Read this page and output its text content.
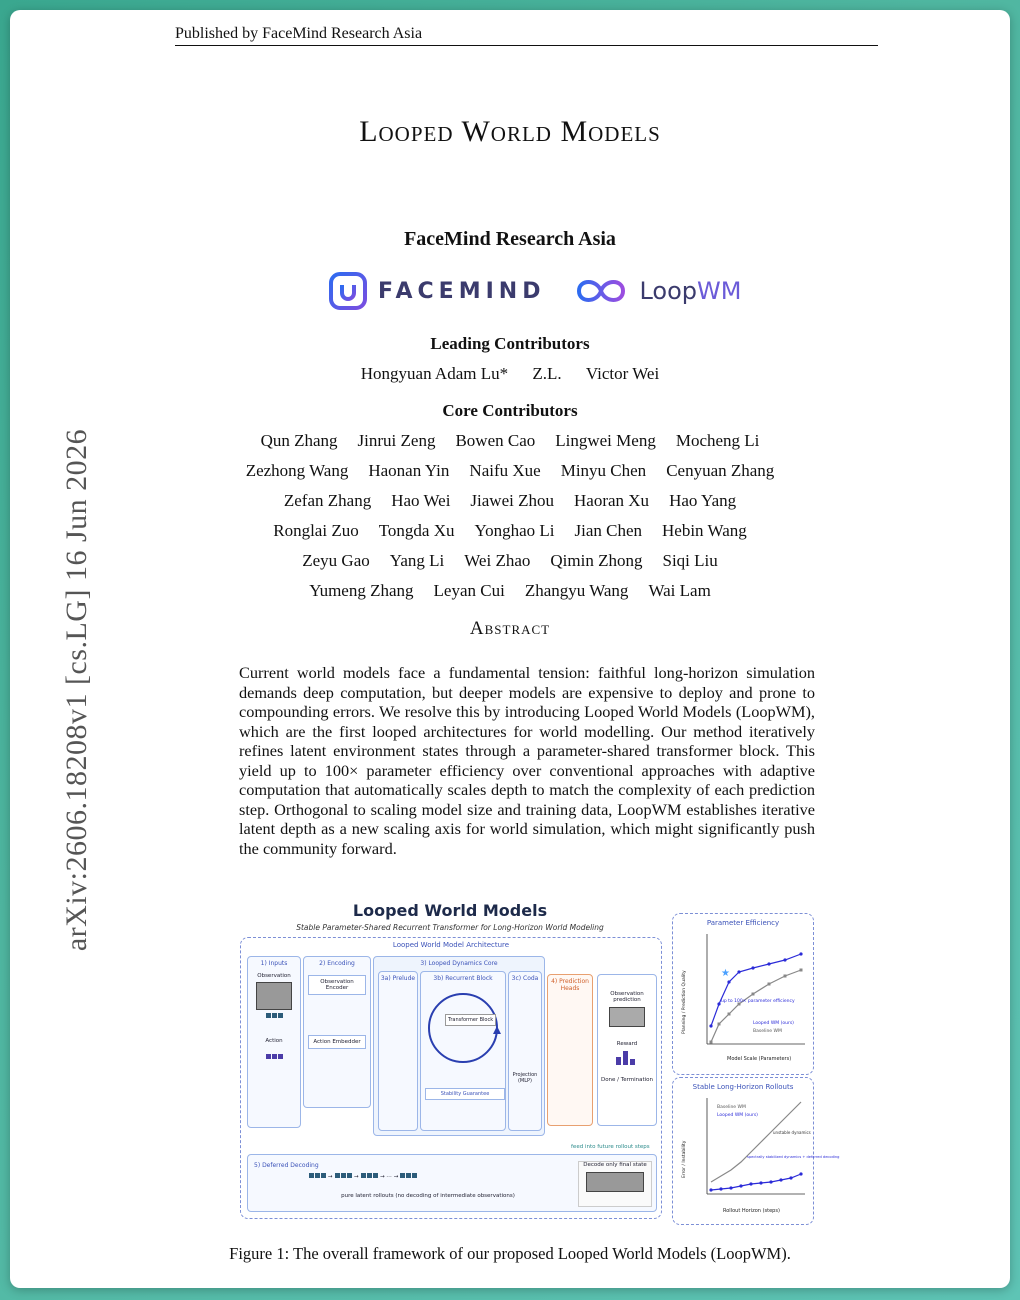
Published by FaceMind Research Asia
arXiv:2606.18208v1 [cs.LG] 16 Jun 2026
Looped World Models
FaceMind Research Asia
FACEMIND	LoopWM
Leading Contributors
Hongyuan Adam Lu* Z.L. Victor Wei
Core Contributors
Abstract
Current world models face a fundamental tension: faithful long-horizon simulation demands deep computation, but deeper models are expensive to deploy and prone to compounding errors. We resolve this by introducing Looped World Models (LoopWM), which are the first looped architectures for world modelling. Our method iteratively refines latent environment states through a parameter-shared transformer block. This yield up to 100× parameter efficiency over conventional approaches with adaptive computation that automatically scales depth to match the complexity of each prediction step. Orthogonal to scaling model size and training data, LoopWM establishes iterative latent depth as a new scaling axis for world simulation, which might significantly push the community forward.
Looped World Models
Stable Parameter-Shared Recurrent Transformer for Long-Horizon World Modeling
Looped World Model Architecture
1) Inputs
Observation
Action
2) Encoding
Observation Encoder
Action Embedder
3) Looped Dynamics Core
3a) Prelude	3b) Recurrent Block
Transformer Block
Stability Guarantee
3c) Coda
Projection (MLP)
4) Prediction Heads
Observation prediction
Reward
Done / Termination
feed into future rollout steps
5) Deferred Decoding
→	→	→ ⋯ →
pure latent rollouts (no decoding of intermediate observations)
Decode only final state
Parameter Efficiency
★
up to 100× parameter efficiency
Looped WM (ours)
Baseline WM
Model Scale (Parameters)
Planning / Prediction Quality
Stable Long-Horizon Rollouts
Baseline WM
Looped WM (ours)
unstable dynamics
spectrally stabilized dynamics + deferred decoding
Rollout Horizon (steps)
Error / Instability
Figure 1: The overall framework of our proposed Looped World Models (LoopWM).
Qun Zhang Jinrui Zeng Bowen Cao Lingwei Meng Mocheng Li
Zezhong Wang Haonan Yin Naifu Xue Minyu Chen Cenyuan Zhang
Zefan Zhang Hao Wei Jiawei Zhou Haoran Xu Hao Yang
Ronglai Zuo Tongda Xu Yonghao Li Jian Chen Hebin Wang
Zeyu Gao Yang Li Wei Zhao Qimin Zhong Siqi Liu
Yumeng Zhang Leyan Cui Zhangyu Wang Wai Lam
